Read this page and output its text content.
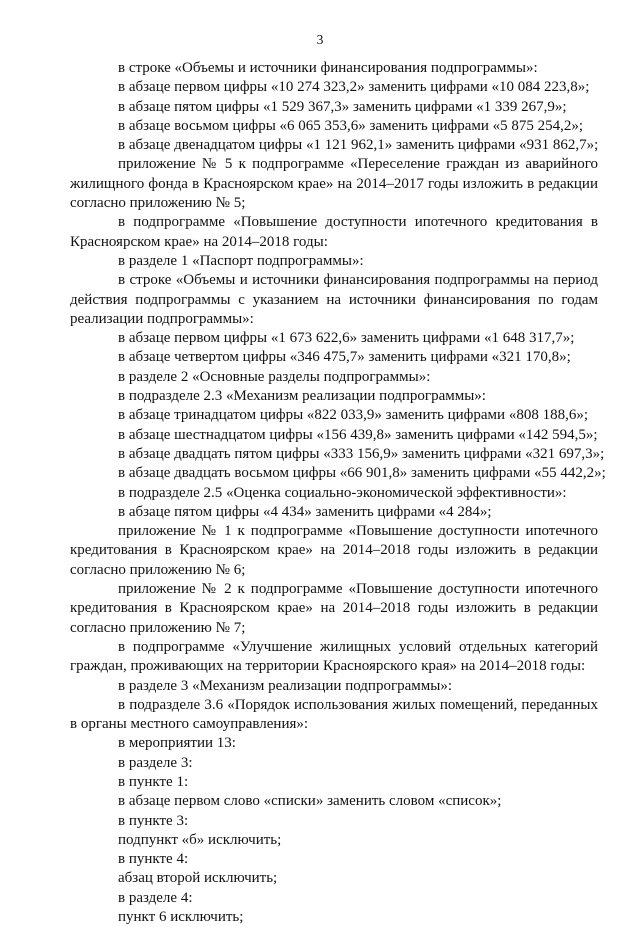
3

в строке «Объемы и источники финансирования подпрограммы»:

в абзаце первом цифры «10 274 323,2» заменить цифрами «10 084 223,8»;

в абзаце пятом цифры «1 529 367,3» заменить цифрами «1 339 267,9»;

в абзаце восьмом цифры «6 065 353,6» заменить цифрами «5 875 254,2»;

в абзаце двенадцатом цифры «1 121 962,1» заменить цифрами «931 862,7»;

приложение № 5 к подпрограмме «Переселение граждан из аварийного жилищного фонда в Красноярском крае» на 2014–2017 годы изложить в редакции согласно приложению № 5;

в подпрограмме «Повышение доступности ипотечного кредитования в Красноярском крае» на 2014–2018 годы:

в разделе 1 «Паспорт подпрограммы»:

в строке «Объемы и источники финансирования подпрограммы на период действия подпрограммы с указанием на источники финансирования по годам реализации подпрограммы»:

в абзаце первом цифры «1 673 622,6» заменить цифрами «1 648 317,7»;

в абзаце четвертом цифры «346 475,7» заменить цифрами «321 170,8»;

в разделе 2 «Основные разделы подпрограммы»:

в подразделе 2.3 «Механизм реализации подпрограммы»:

в абзаце тринадцатом цифры «822 033,9» заменить цифрами «808 188,6»;

в абзаце шестнадцатом цифры «156 439,8» заменить цифрами «142 594,5»;

в абзаце двадцать пятом цифры «333 156,9» заменить цифрами «321 697,3»;

в абзаце двадцать восьмом цифры «66 901,8» заменить цифрами «55 442,2»;

в подразделе 2.5 «Оценка социально-экономической эффективности»:

в абзаце пятом цифры «4 434» заменить цифрами «4 284»;

приложение № 1 к подпрограмме «Повышение доступности ипотечного кредитования в Красноярском крае» на 2014–2018 годы изложить в редакции согласно приложению № 6;

приложение № 2 к подпрограмме «Повышение доступности ипотечного кредитования в Красноярском крае» на 2014–2018 годы изложить в редакции согласно приложению № 7;

в подпрограмме «Улучшение жилищных условий отдельных категорий граждан, проживающих на территории Красноярского края» на 2014–2018 годы:

в разделе 3 «Механизм реализации подпрограммы»:

в подразделе 3.6 «Порядок использования жилых помещений, переданных в органы местного самоуправления»:

в мероприятии 13:

в разделе 3:

в пункте 1:

в абзаце первом слово «списки» заменить словом «список»;

в пункте 3:

подпункт «б» исключить;

в пункте 4:

абзац второй исключить;

в разделе 4:

пункт 6 исключить;
